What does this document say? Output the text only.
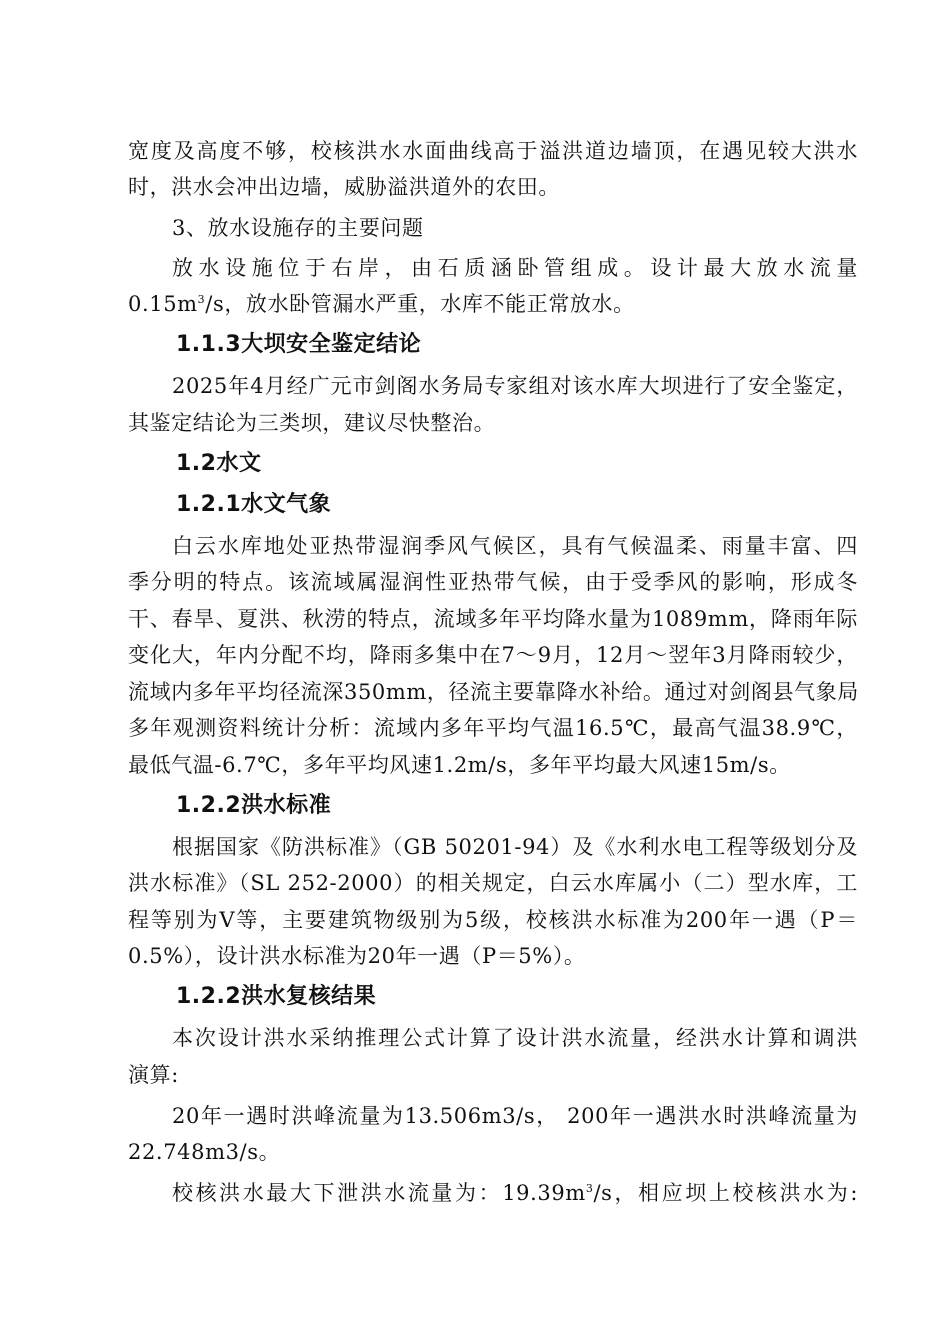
宽度及高度不够，校核洪水水面曲线高于溢洪道边墙顶，在遇见较大洪水
时，洪水会冲出边墙，威胁溢洪道外的农田。
3、放水设施存的主要问题
放水设施位于右岸，由石质涵卧管组成。设计最大放水流量
$0.15m^3/s$，放水卧管漏水严重，水库不能正常放水。
1.1.3大坝安全鉴定结论
2025年4月经广元市剑阁水务局专家组对该水库大坝进行了安全鉴定，
其鉴定结论为三类坝，建议尽快整治。
1.2水文
1.2.1水文气象
白云水库地处亚热带湿润季风气候区，具有气候温柔、雨量丰富、四
季分明的特点。该流域属湿润性亚热带气候，由于受季风的影响，形成冬
干、春旱、夏洪、秋涝的特点，流域多年平均降水量为1089mm，降雨年际
变化大，年内分配不均，降雨多集中在7～9月，12月～翌年3月降雨较少，
流域内多年平均径流深350mm，径流主要靠降水补给。通过对剑阁县气象局
多年观测资料统计分析：流域内多年平均气温16.5℃，最高气温38.9℃，
最低气温-6.7℃，多年平均风速1.2m/s，多年平均最大风速15m/s。
1.2.2洪水标准
根据国家《防洪标准》（GB 50201-94）及《水利水电工程等级划分及
洪水标准》（SL 252-2000）的相关规定，白云水库属小（二）型水库，工
程等别为Ⅴ等，主要建筑物级别为5级，校核洪水标准为200年一遇（P＝
0.5%），设计洪水标准为20年一遇（P＝5%）。
1.2.2洪水复核结果
本次设计洪水采纳推理公式计算了设计洪水流量，经洪水计算和调洪
演算:
20年一遇时洪峰流量为13.506m3/s， 200年一遇洪水时洪峰流量为
22.748m3/s。
校核洪水最大下泄洪水流量为：$19.39m^3/s$，相应坝上校核洪水为:
